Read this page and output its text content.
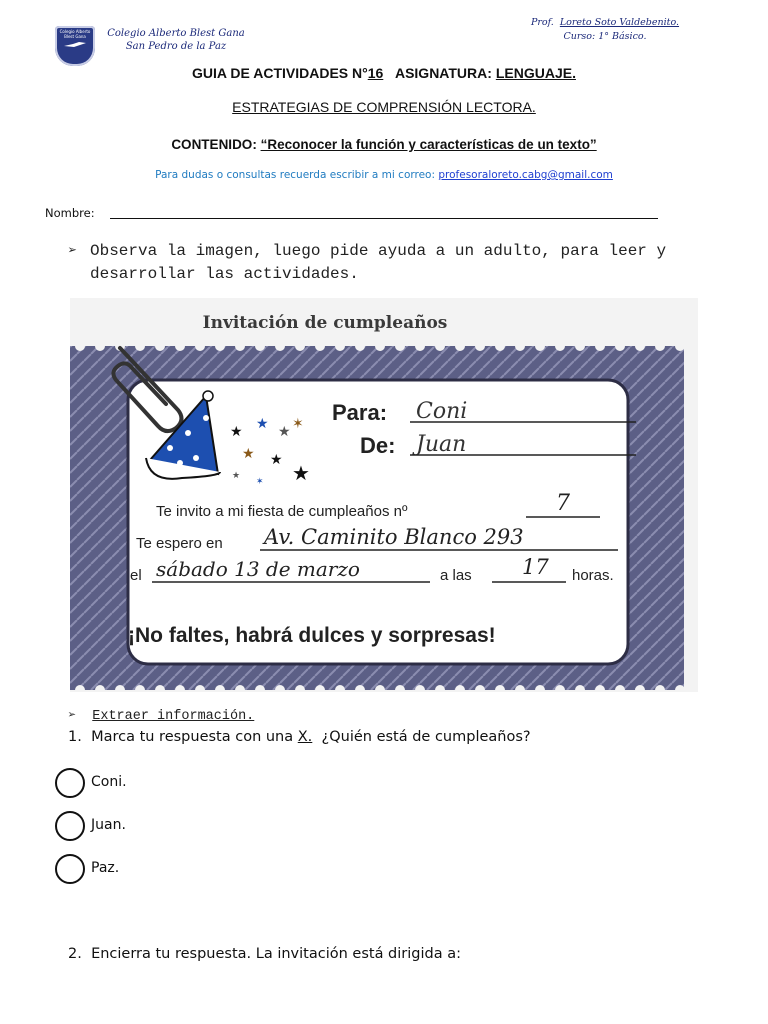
Colegio Alberto Blest Gana	Colegio Alberto Blest Gana
San Pedro de la Paz
Prof. Loreto Soto Valdebenito.
Curso: 1° Básico.
GUIA DE ACTIVIDADES N°16 ASIGNATURA: LENGUAJE.
ESTRATEGIAS DE COMPRENSIÓN LECTORA.
CONTENIDO: “Reconocer la función y características de un texto”
Para dudas o consultas recuerda escribir a mi correo: profesoraloreto.cabg@gmail.com
Nombre:
➢ Observa la imagen, luego pide ayuda a un adulto, para leer y desarrollar las actividades.
★ ★ ★ ✶
★ ★
★
★
✶
Para: Coni
De: Juan
Te invito a mi fiesta de cumpleaños nº	7
Te espero en Av. Caminito Blanco 293
el sábado 13 de marzo	a las 17 horas.
¡No faltes, habrá dulces y sorpresas!
Invitación de cumpleaños
➢ Extraer información.
1. Marca tu respuesta con una X. ¿Quién está de cumpleaños?
Coni.
Juan.
Paz.
2. Encierra tu respuesta. La invitación está dirigida a:
